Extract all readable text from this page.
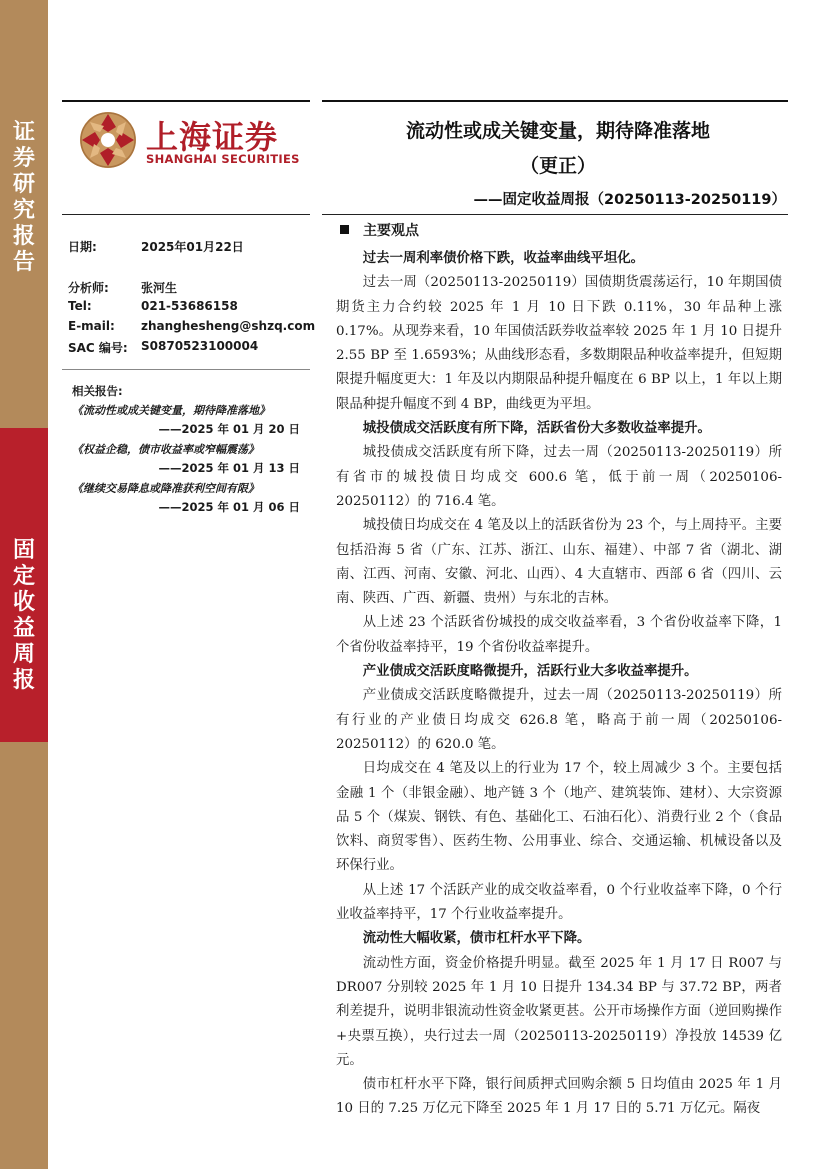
证
券
研
究
报
告
固
定
收
益
周
报
上海证券
SHANGHAI SECURITIES
流动性或成关键变量，期待降准落地
（更正）
——固定收益周报（20250113-20250119）
日期:	2025年01月22日
分析师:	张河生
Tel:	021-53686158
E-mail: zhanghesheng@shzq.com
SAC 编号: S0870523100004
相关报告:
《流动性或成关键变量，期待降准落地》
——2025 年 01 月 20 日
《权益企稳，债市收益率或窄幅震荡》
——2025 年 01 月 13 日
《继续交易降息或降准获利空间有限》
——2025 年 01 月 06 日
主要观点

过去一周利率债价格下跌，收益率曲线平坦化。

过去一周（20250113-20250119）国债期货震荡运行，10 年期国债期货主力合约较 2025 年 1 月 10 日下跌 0.11%，30 年品种上涨 0.17%。从现券来看，10 年国债活跃券收益率较 2025 年 1 月 10 日提升 2.55 BP 至 1.6593%；从曲线形态看，多数期限品种收益率提升，但短期限提升幅度更大：1 年及以内期限品种提升幅度在 6 BP 以上，1 年以上期限品种提升幅度不到 4 BP，曲线更为平坦。

城投债成交活跃度有所下降，活跃省份大多数收益率提升。

城投债成交活跃度有所下降，过去一周（20250113-20250119）所有省市的城投债日均成交 600.6 笔，低于前一周（20250106-20250112）的 716.4 笔。

城投债日均成交在 4 笔及以上的活跃省份为 23 个，与上周持平。主要包括沿海 5 省（广东、江苏、浙江、山东、福建）、中部 7 省（湖北、湖南、江西、河南、安徽、河北、山西）、4 大直辖市、西部 6 省（四川、云南、陕西、广西、新疆、贵州）与东北的吉林。

从上述 23 个活跃省份城投的成交收益率看，3 个省份收益率下降，1 个省份收益率持平，19 个省份收益率提升。

产业债成交活跃度略微提升，活跃行业大多收益率提升。

产业债成交活跃度略微提升，过去一周（20250113-20250119）所有行业的产业债日均成交 626.8 笔，略高于前一周（20250106-20250112）的 620.0 笔。

日均成交在 4 笔及以上的行业为 17 个，较上周减少 3 个。主要包括金融 1 个（非银金融）、地产链 3 个（地产、建筑装饰、建材）、大宗资源品 5 个（煤炭、钢铁、有色、基础化工、石油石化）、消费行业 2 个（食品饮料、商贸零售）、医药生物、公用事业、综合、交通运输、机械设备以及环保行业。

从上述 17 个活跃产业的成交收益率看，0 个行业收益率下降，0 个行业收益率持平，17 个行业收益率提升。

流动性大幅收紧，债市杠杆水平下降。

流动性方面，资金价格提升明显。截至 2025 年 1 月 17 日 R007 与 DR007 分别较 2025 年 1 月 10 日提升 134.34 BP 与 37.72 BP，两者利差提升，说明非银流动性资金收紧更甚。公开市场操作方面（逆回购操作+央票互换），央行过去一周（20250113-20250119）净投放 14539 亿元。

债市杠杆水平下降，银行间质押式回购余额 5 日均值由 2025 年 1 月 10 日的 7.25 万亿元下降至 2025 年 1 月 17 日的 5.71 万亿元。隔夜
